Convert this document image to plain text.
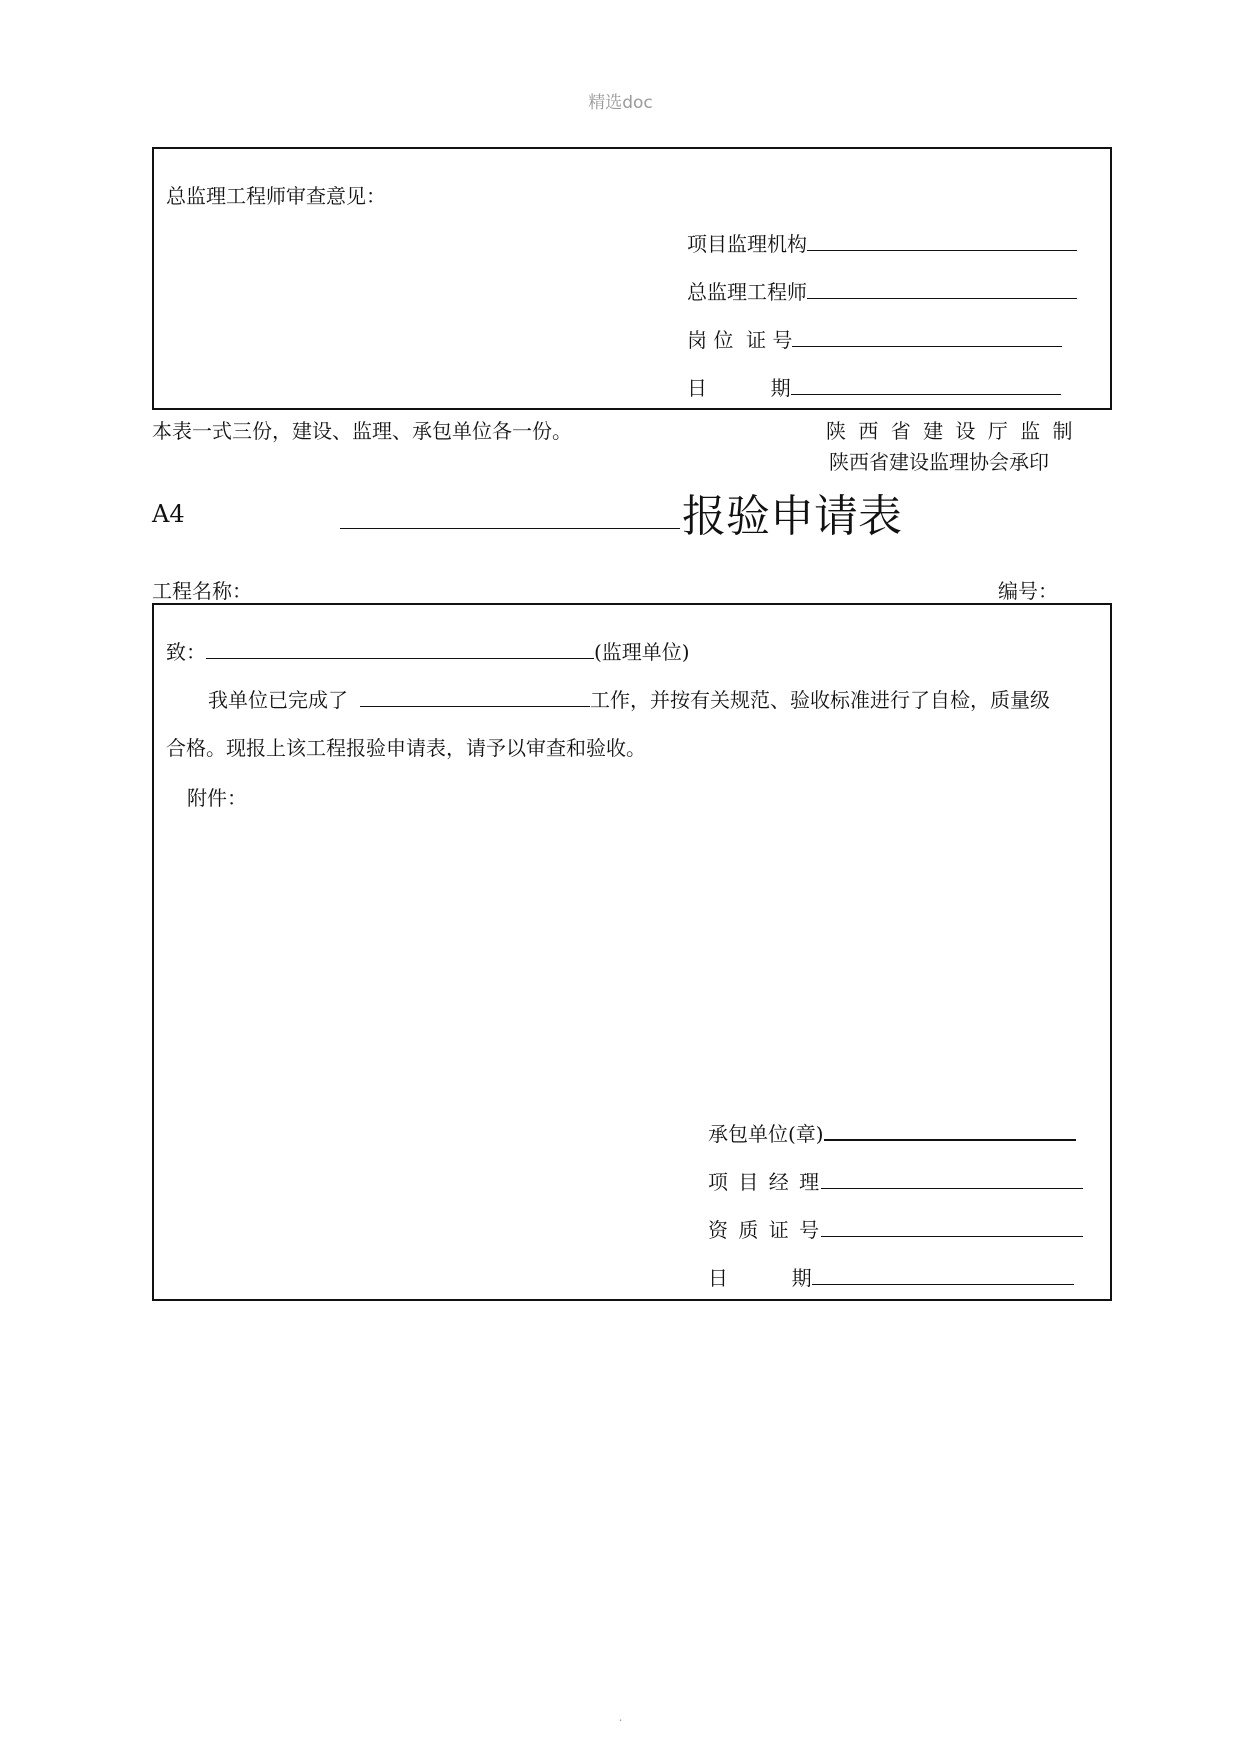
精选doc
总监理工程师审查意见：
项目监理机构
总监理工程师
岗 位  证 号
日          期
本表一式三份，建设、监理、承包单位各一份。	陕 西 省 建 设 厅 监 制
陕西省建设监理协会承印
A4	报验申请表
工程名称：	编号：
致：	(监理单位)
我单位已完成了	工作，并按有关规范、验收标准进行了自检，质量级
合格。现报上该工程报验申请表，请予以审查和验收。
附件：
承包单位(章)
项 目 经 理
资 质 证 号
日          期
.
